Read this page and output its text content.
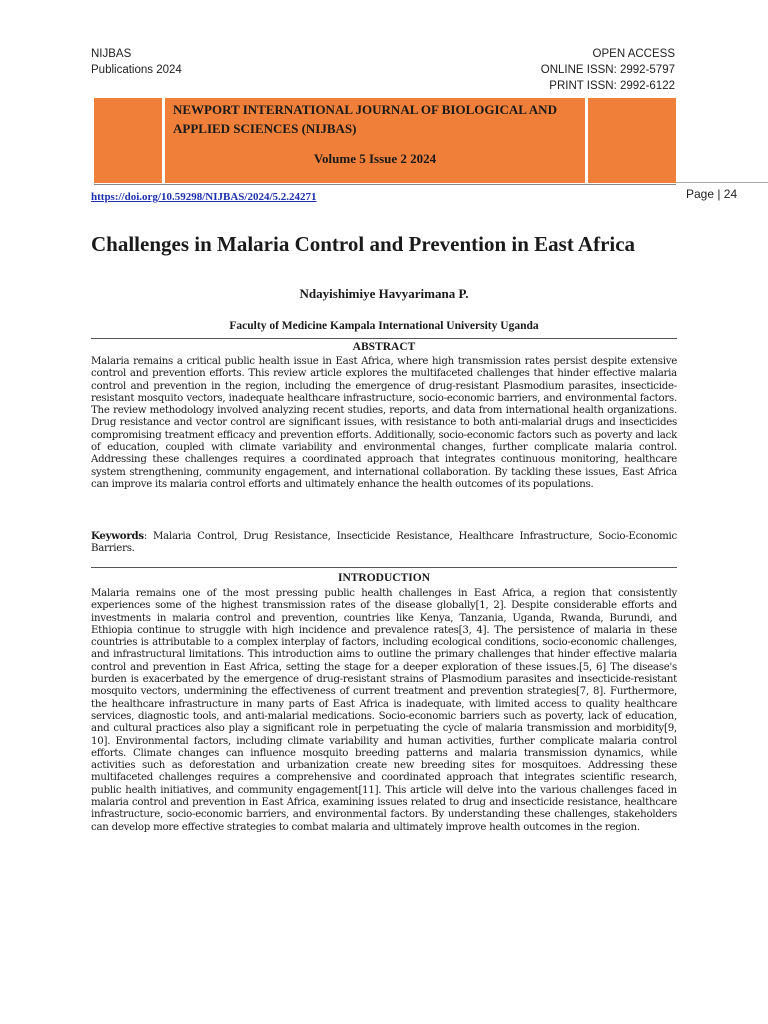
NIJBAS
Publications 2024
OPEN ACCESS
ONLINE ISSN: 2992-5797
PRINT ISSN: 2992-6122
NEWPORT INTERNATIONAL JOURNAL OF BIOLOGICAL AND APPLIED SCIENCES (NIJBAS)
Volume 5 Issue 2 2024
Page | 24
https://doi.org/10.59298/NIJBAS/2024/5.2.24271
Challenges in Malaria Control and Prevention in East Africa
Ndayishimiye Havyarimana P.
Faculty of Medicine Kampala International University Uganda
ABSTRACT

Malaria remains a critical public health issue in East Africa, where high transmission rates persist despite extensive control and prevention efforts. This review article explores the multifaceted challenges that hinder effective malaria control and prevention in the region, including the emergence of drug-resistant Plasmodium parasites, insecticide-resistant mosquito vectors, inadequate healthcare infrastructure, socio-economic barriers, and environmental factors. The review methodology involved analyzing recent studies, reports, and data from international health organizations. Drug resistance and vector control are significant issues, with resistance to both anti-malarial drugs and insecticides compromising treatment efficacy and prevention efforts. Additionally, socio-economic factors such as poverty and lack of education, coupled with climate variability and environmental changes, further complicate malaria control. Addressing these challenges requires a coordinated approach that integrates continuous monitoring, healthcare system strengthening, community engagement, and international collaboration. By tackling these issues, East Africa can improve its malaria control efforts and ultimately enhance the health outcomes of its populations.

Keywords: Malaria Control, Drug Resistance, Insecticide Resistance, Healthcare Infrastructure, Socio-Economic Barriers.

INTRODUCTION

Malaria remains one of the most pressing public health challenges in East Africa, a region that consistently experiences some of the highest transmission rates of the disease globally[1, 2]. Despite considerable efforts and investments in malaria control and prevention, countries like Kenya, Tanzania, Uganda, Rwanda, Burundi, and Ethiopia continue to struggle with high incidence and prevalence rates[3, 4]. The persistence of malaria in these countries is attributable to a complex interplay of factors, including ecological conditions, socio-economic challenges, and infrastructural limitations. This introduction aims to outline the primary challenges that hinder effective malaria control and prevention in East Africa, setting the stage for a deeper exploration of these issues.[5, 6] The disease's burden is exacerbated by the emergence of drug-resistant strains of Plasmodium parasites and insecticide-resistant mosquito vectors, undermining the effectiveness of current treatment and prevention strategies[7, 8]. Furthermore, the healthcare infrastructure in many parts of East Africa is inadequate, with limited access to quality healthcare services, diagnostic tools, and anti-malarial medications. Socio-economic barriers such as poverty, lack of education, and cultural practices also play a significant role in perpetuating the cycle of malaria transmission and morbidity[9, 10]. Environmental factors, including climate variability and human activities, further complicate malaria control efforts. Climate changes can influence mosquito breeding patterns and malaria transmission dynamics, while activities such as deforestation and urbanization create new breeding sites for mosquitoes. Addressing these multifaceted challenges requires a comprehensive and coordinated approach that integrates scientific research, public health initiatives, and community engagement[11]. This article will delve into the various challenges faced in malaria control and prevention in East Africa, examining issues related to drug and insecticide resistance, healthcare infrastructure, socio-economic barriers, and environmental factors. By understanding these challenges, stakeholders can develop more effective strategies to combat malaria and ultimately improve health outcomes in the region.
